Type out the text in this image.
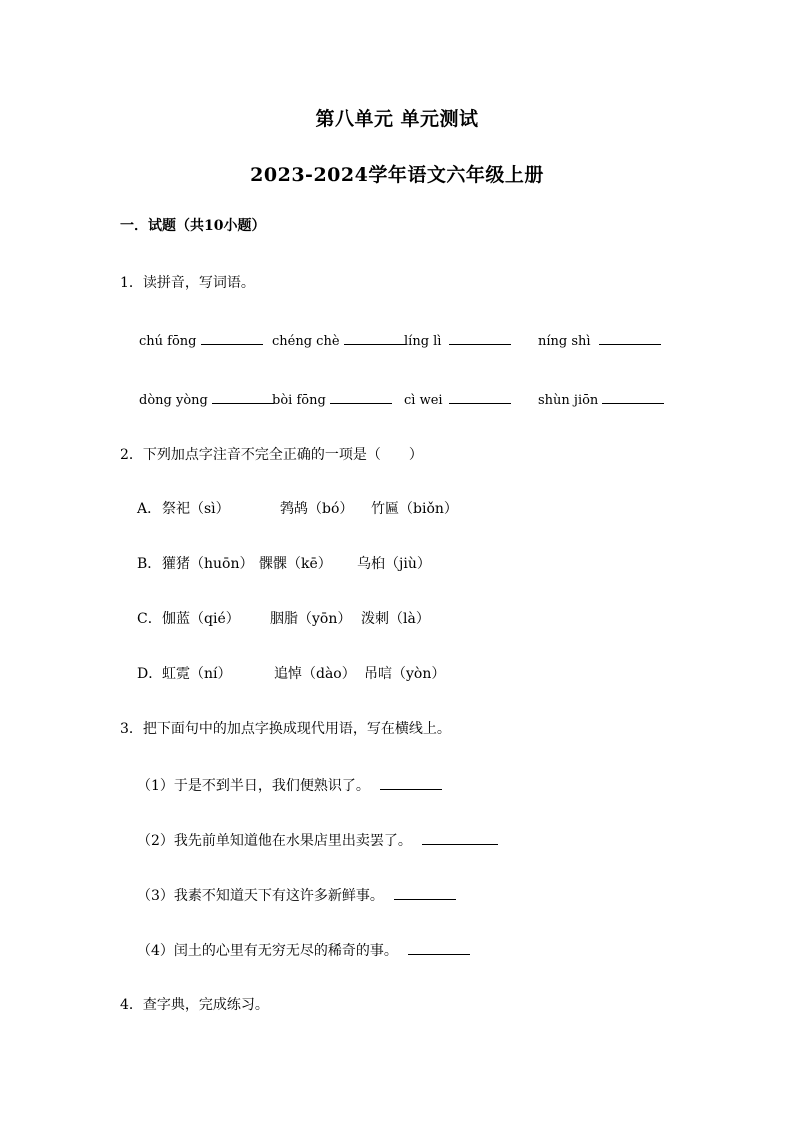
第八单元 单元测试
2023-2024学年语文六年级上册
一．试题（共10小题）
1．读拼音，写词语。
chú fōng	chéng chè	líng lì	níng shì
dòng yòng	bòi fōng	cì wei	shùn jiōn
2．下列加点字注音不完全正确的一项是（　　）
A． 祭祀（sì）	鹁鸪（bó） 竹匾（biǒn）
B． 獾猪（huōn） 髁髁（kē） 乌桕（jiù）
C． 伽蓝（qié） 胭脂（yōn） 泼刺（là）
D． 虹霓（ní）	追悼（dào） 吊唁（yòn）
3．把下面句中的加点字换成现代用语，写在横线上。
（1）于是不到半日，我们便熟识了。
（2）我先前单知道他在水果店里出卖罢了。
（3）我素不知道天下有这许多新鲜事。
（4）闰土的心里有无穷无尽的稀奇的事。
4．查字典，完成练习。
